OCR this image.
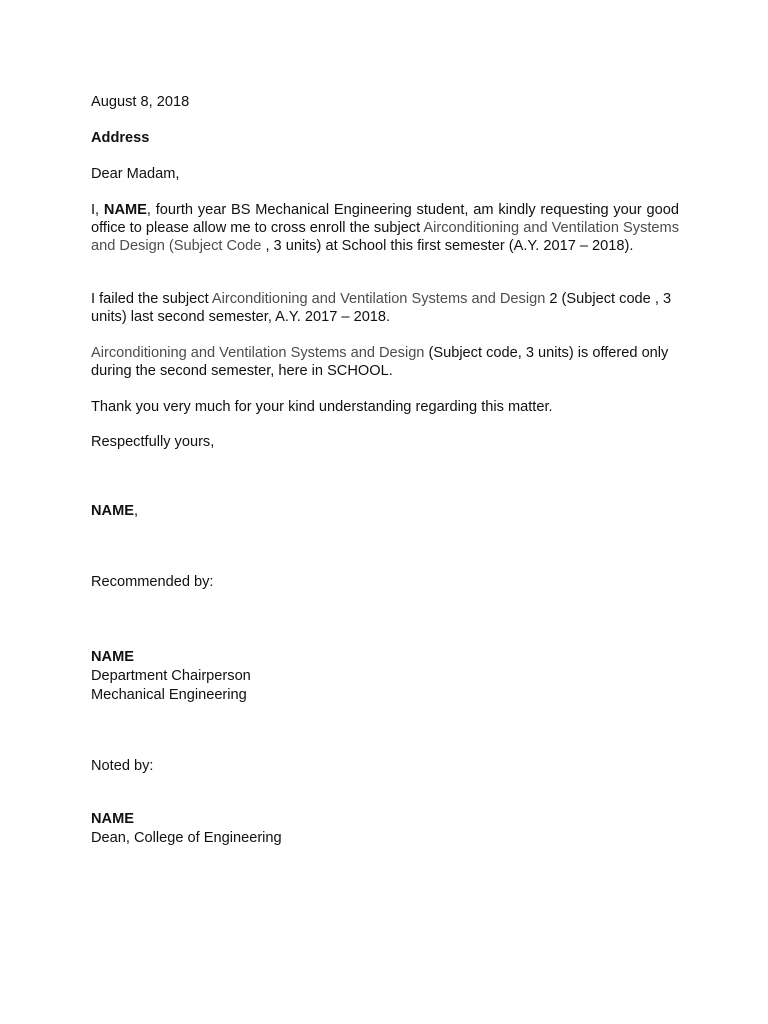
August 8, 2018

Address

Dear Madam,

I, NAME, fourth year BS Mechanical Engineering student, am kindly requesting your good office to please allow me to cross enroll the subject Airconditioning and Ventilation Systems and Design (Subject Code , 3 units) at School this first semester (A.Y. 2017 – 2018).

I failed the subject Airconditioning and Ventilation Systems and Design 2 (Subject code , 3 units) last second semester, A.Y. 2017 – 2018.

Airconditioning and Ventilation Systems and Design (Subject code, 3 units) is offered only during the second semester, here in SCHOOL.

Thank you very much for your kind understanding regarding this matter.

Respectfully yours,

NAME,

Recommended by:

NAME
Department Chairperson
Mechanical Engineering

Noted by:

NAME
Dean, College of Engineering
